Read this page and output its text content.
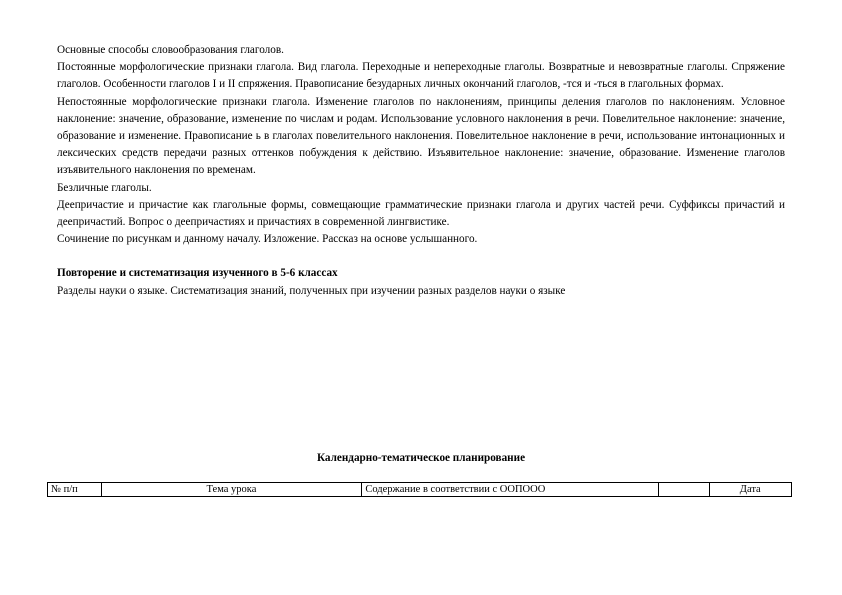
Основные способы словообразования глаголов.

Постоянные морфологические признаки глагола. Вид глагола. Переходные и непереходные глаголы. Возвратные и невозвратные глаголы. Спряжение глаголов. Особенности глаголов I и II спряжения. Правописание безударных личных окончаний глаголов, -тся и -ться в глагольных формах.

Непостоянные морфологические признаки глагола. Изменение глаголов по наклонениям, принципы деления глаголов по наклонениям. Условное наклонение: значение, образование, изменение по числам и родам. Использование условного наклонения в речи. Повелительное наклонение: значение, образование и изменение. Правописание ь в глаголах повелительного наклонения. Повелительное наклонение в речи, использование интонационных и лексических средств передачи разных оттенков побуждения к действию. Изъявительное наклонение: значение, образование. Изменение глаголов изъявительного наклонения по временам.

Безличные глаголы.

Деепричастие и причастие как глагольные формы, совмещающие грамматические признаки глагола и других частей речи. Суффиксы причастий и деепричастий. Вопрос о деепричастиях и причастиях в современной лингвистике.

Сочинение по рисункам и данному началу. Изложение. Рассказ на основе услышанного.

Повторение и систематизация изученного в 5-6 классах

Разделы науки о языке. Систематизация знаний, полученных при изучении разных разделов науки о языке

Календарно-тематическое планирование

№ п/п	Тема урока	Содержание в соответствии с ООПООО		Дата
